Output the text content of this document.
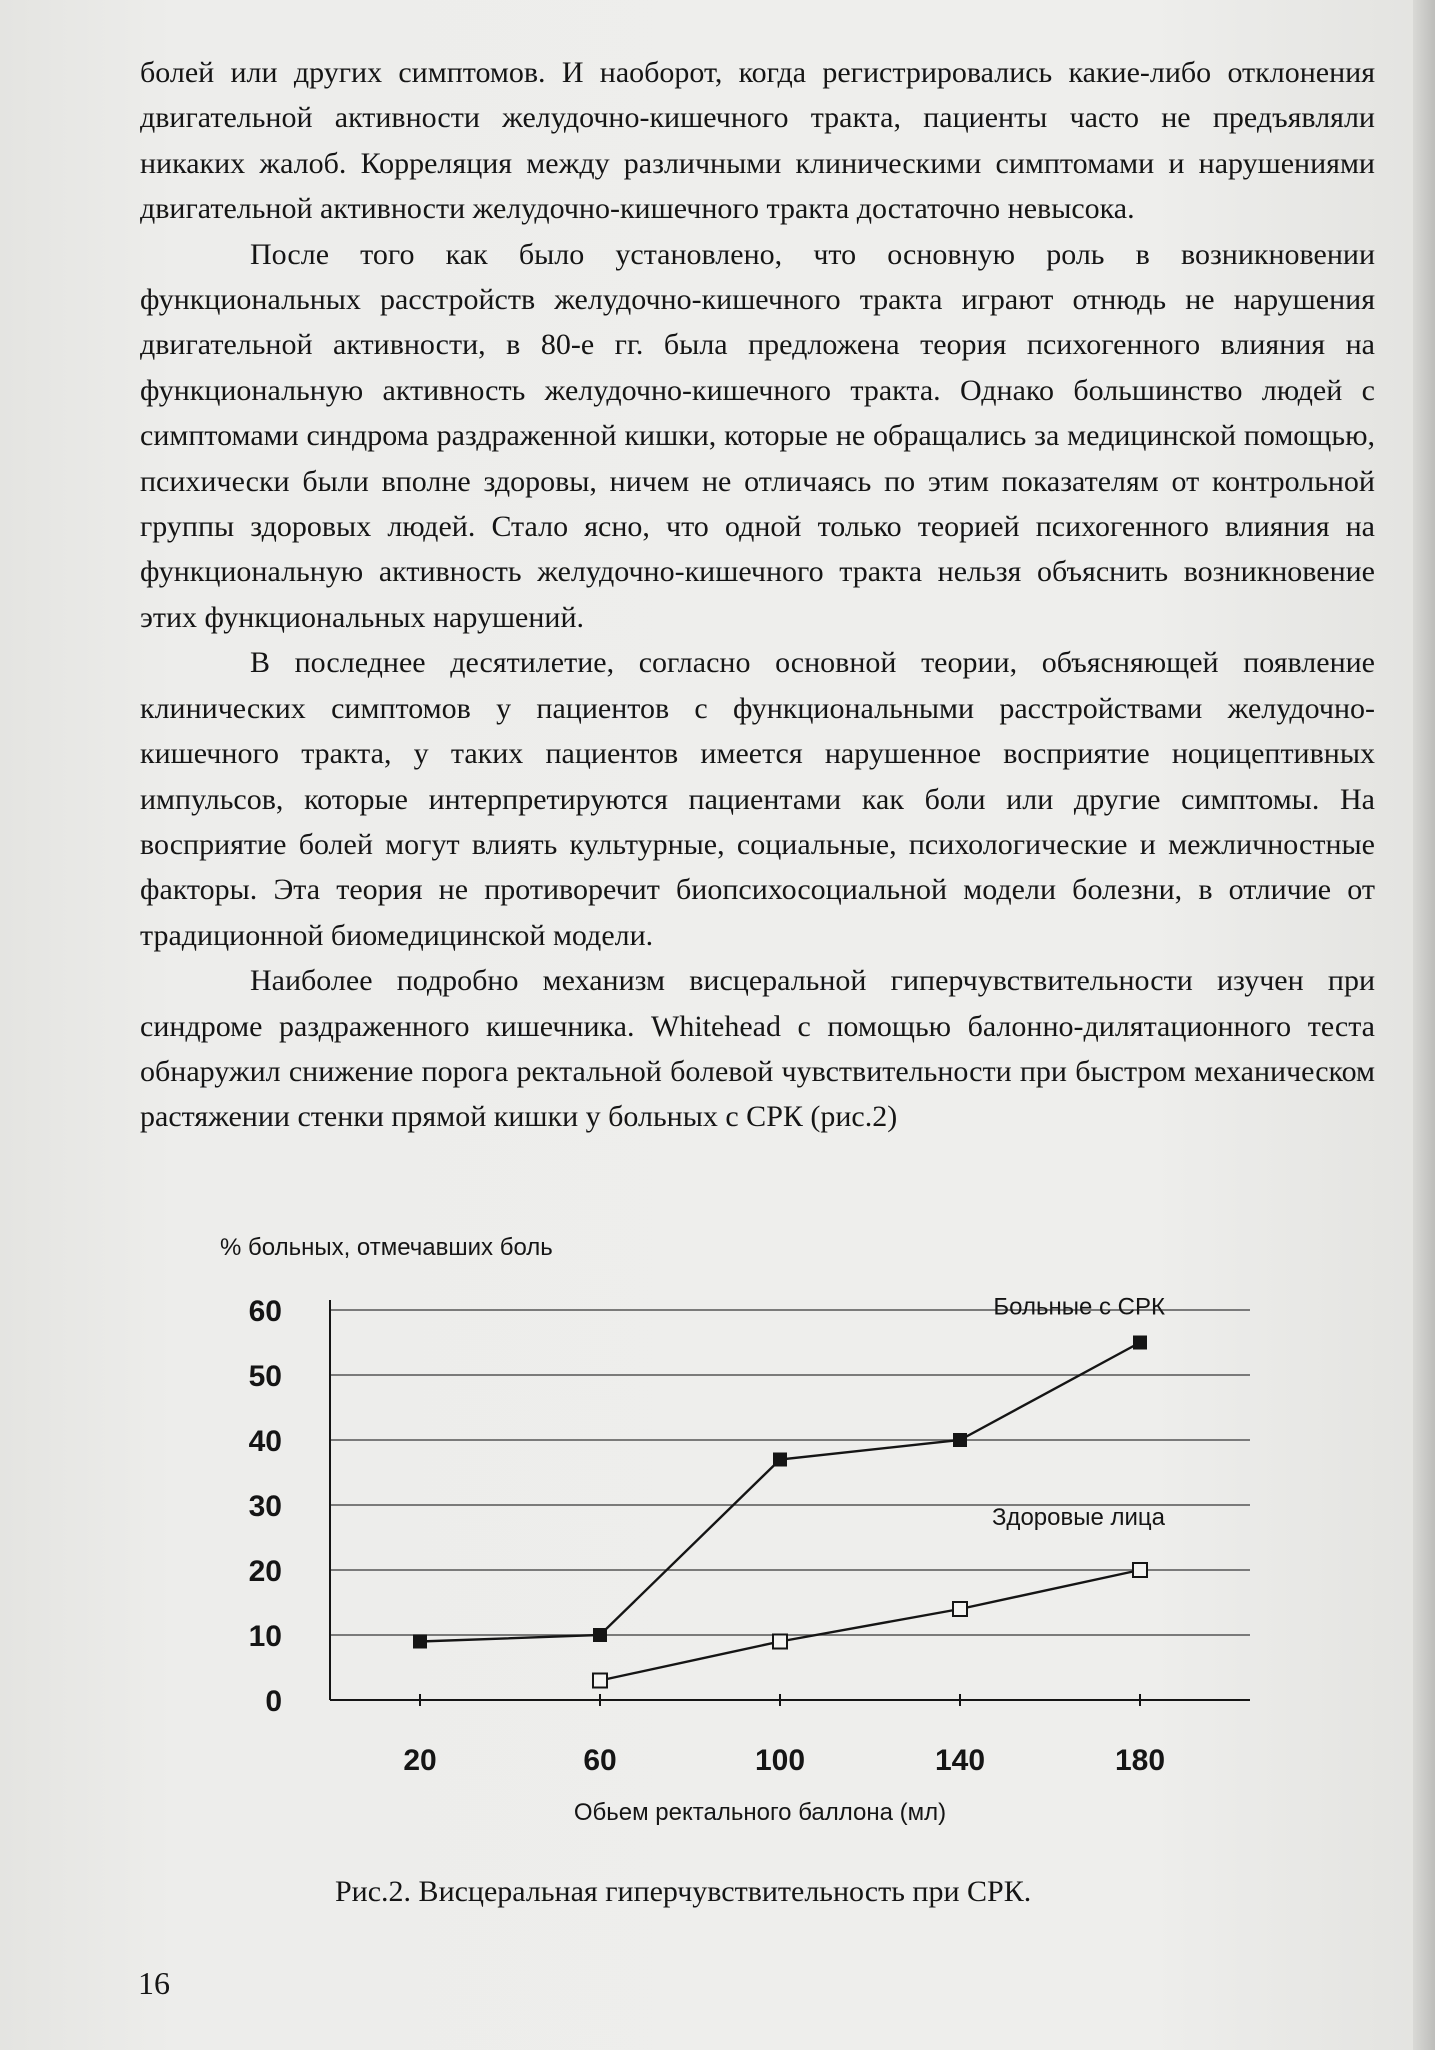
болей или других симптомов. И наоборот, когда регистрировались какие-либо отклонения двигательной активности желудочно-кишечного тракта, пациенты часто не предъявляли никаких жалоб. Корреляция между различными клиническими симптомами и нарушениями двигательной активности желудочно-кишечного тракта достаточно невысока.

После того как было установлено, что основную роль в возникновении функциональных расстройств желудочно-кишечного тракта играют отнюдь не нарушения двигательной активности, в 80-е гг. была предложена теория психогенного влияния на функциональную активность желудочно-кишечного тракта. Однако большинство людей с симптомами синдрома раздраженной кишки, которые не обращались за медицинской помощью, психически были вполне здоровы, ничем не отличаясь по этим показателям от контрольной группы здоровых людей. Стало ясно, что одной только теорией психогенного влияния на функциональную активность желудочно-кишечного тракта нельзя объяснить возникновение этих функциональных нарушений.

В последнее десятилетие, согласно основной теории, объясняющей появление клинических симптомов у пациентов с функциональными расстройствами желудочно-кишечного тракта, у таких пациентов имеется нарушенное восприятие ноцицептивных импульсов, которые интерпретируются пациентами как боли или другие симптомы. На восприятие болей могут влиять культурные, социальные, психологические и межличностные факторы. Эта теория не противоречит биопсихосоциальной модели болезни, в отличие от традиционной биомедицинской модели.

Наиболее подробно механизм висцеральной гиперчувствительности изучен при синдроме раздраженного кишечника. Whitehead с помощью балонно-дилятационного теста обнаружил снижение порога ректальной болевой чувствительности при быстром механическом растяжении стенки прямой кишки у больных с СРК (рис.2)

0
10
20
30
40
50
60
20	60	100	140	180
% больных, отмечавших боль
Обьем ректального баллона (мл)
Больные с СРК
Здоровые лица
Рис.2. Висцеральная гиперчувствительность при СРК.
16
